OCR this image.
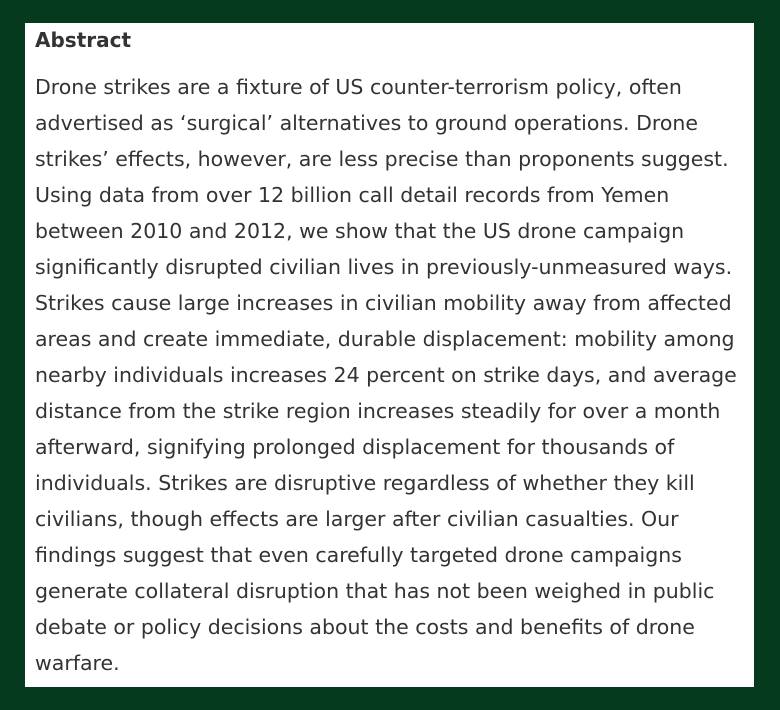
Abstract

Drone strikes are a fixture of US counter-terrorism policy, often
advertised as ‘surgical’ alternatives to ground operations. Drone
strikes’ effects, however, are less precise than proponents suggest.
Using data from over 12 billion call detail records from Yemen
between 2010 and 2012, we show that the US drone campaign
significantly disrupted civilian lives in previously-unmeasured ways.
Strikes cause large increases in civilian mobility away from affected
areas and create immediate, durable displacement: mobility among
nearby individuals increases 24 percent on strike days, and average
distance from the strike region increases steadily for over a month
afterward, signifying prolonged displacement for thousands of
individuals. Strikes are disruptive regardless of whether they kill
civilians, though effects are larger after civilian casualties. Our
findings suggest that even carefully targeted drone campaigns
generate collateral disruption that has not been weighed in public
debate or policy decisions about the costs and benefits of drone
warfare.
